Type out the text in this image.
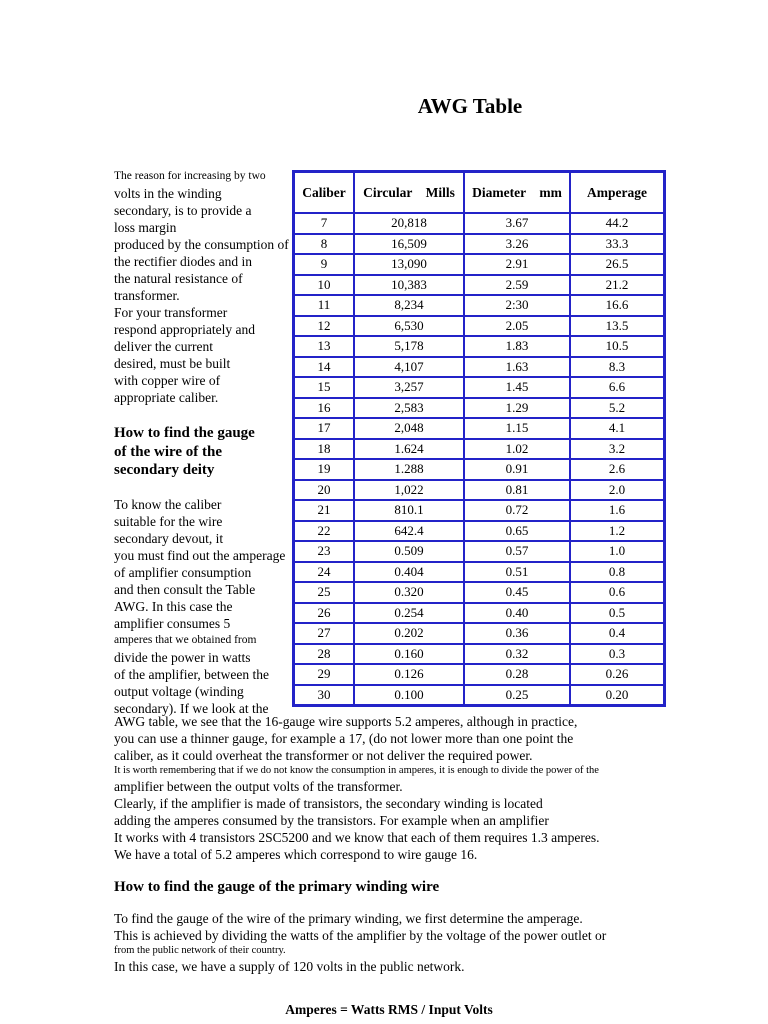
AWG Table
The reason for increasing by two
volts in the winding
secondary, is to provide a
loss margin
produced by the consumption of
the rectifier diodes and in
the natural resistance of
transformer.
For your transformer
respond appropriately and
deliver the current
desired, must be built
with copper wire of
appropriate caliber.
How to find the gauge
of the wire of the
secondary deity
To know the caliber
suitable for the wire
secondary devout, it
you must find out the amperage
of amplifier consumption
and then consult the Table
AWG. In this case the
amplifier consumes 5
amperes that we obtained from
divide the power in watts
of the amplifier, between the
output voltage (winding
secondary). If we look at the
Caliber	Circular    Mills	Diameter    mm	Amperage
7	20,818	3.67	44.2
8	16,509	3.26	33.3
9	13,090	2.91	26.5
10	10,383	2.59	21.2
11	8,234	2:30	16.6
12	6,530	2.05	13.5
13	5,178	1.83	10.5
14	4,107	1.63	8.3
15	3,257	1.45	6.6
16	2,583	1.29	5.2
17	2,048	1.15	4.1
18	1.624	1.02	3.2
19	1.288	0.91	2.6
20	1,022	0.81	2.0
21	810.1	0.72	1.6
22	642.4	0.65	1.2
23	0.509	0.57	1.0
24	0.404	0.51	0.8
25	0.320	0.45	0.6
26	0.254	0.40	0.5
27	0.202	0.36	0.4
28	0.160	0.32	0.3
29	0.126	0.28	0.26
30	0.100	0.25	0.20
AWG table, we see that the 16-gauge wire supports 5.2 amperes, although in practice,
you can use a thinner gauge, for example a 17, (do not lower more than one point the
caliber, as it could overheat the transformer or not deliver the required power.
It is worth remembering that if we do not know the consumption in amperes, it is enough to divide the power of the
amplifier between the output volts of the transformer.
Clearly, if the amplifier is made of transistors, the secondary winding is located
adding the amperes consumed by the transistors. For example when an amplifier
It works with 4 transistors 2SC5200 and we know that each of them requires 1.3 amperes.
We have a total of 5.2 amperes which correspond to wire gauge 16.
How to find the gauge of the primary winding wire
To find the gauge of the wire of the primary winding, we first determine the amperage.
This is achieved by dividing the watts of the amplifier by the voltage of the power outlet or
from the public network of their country.
In this case, we have a supply of 120 volts in the public network.
Amperes = Watts RMS / Input Volts
